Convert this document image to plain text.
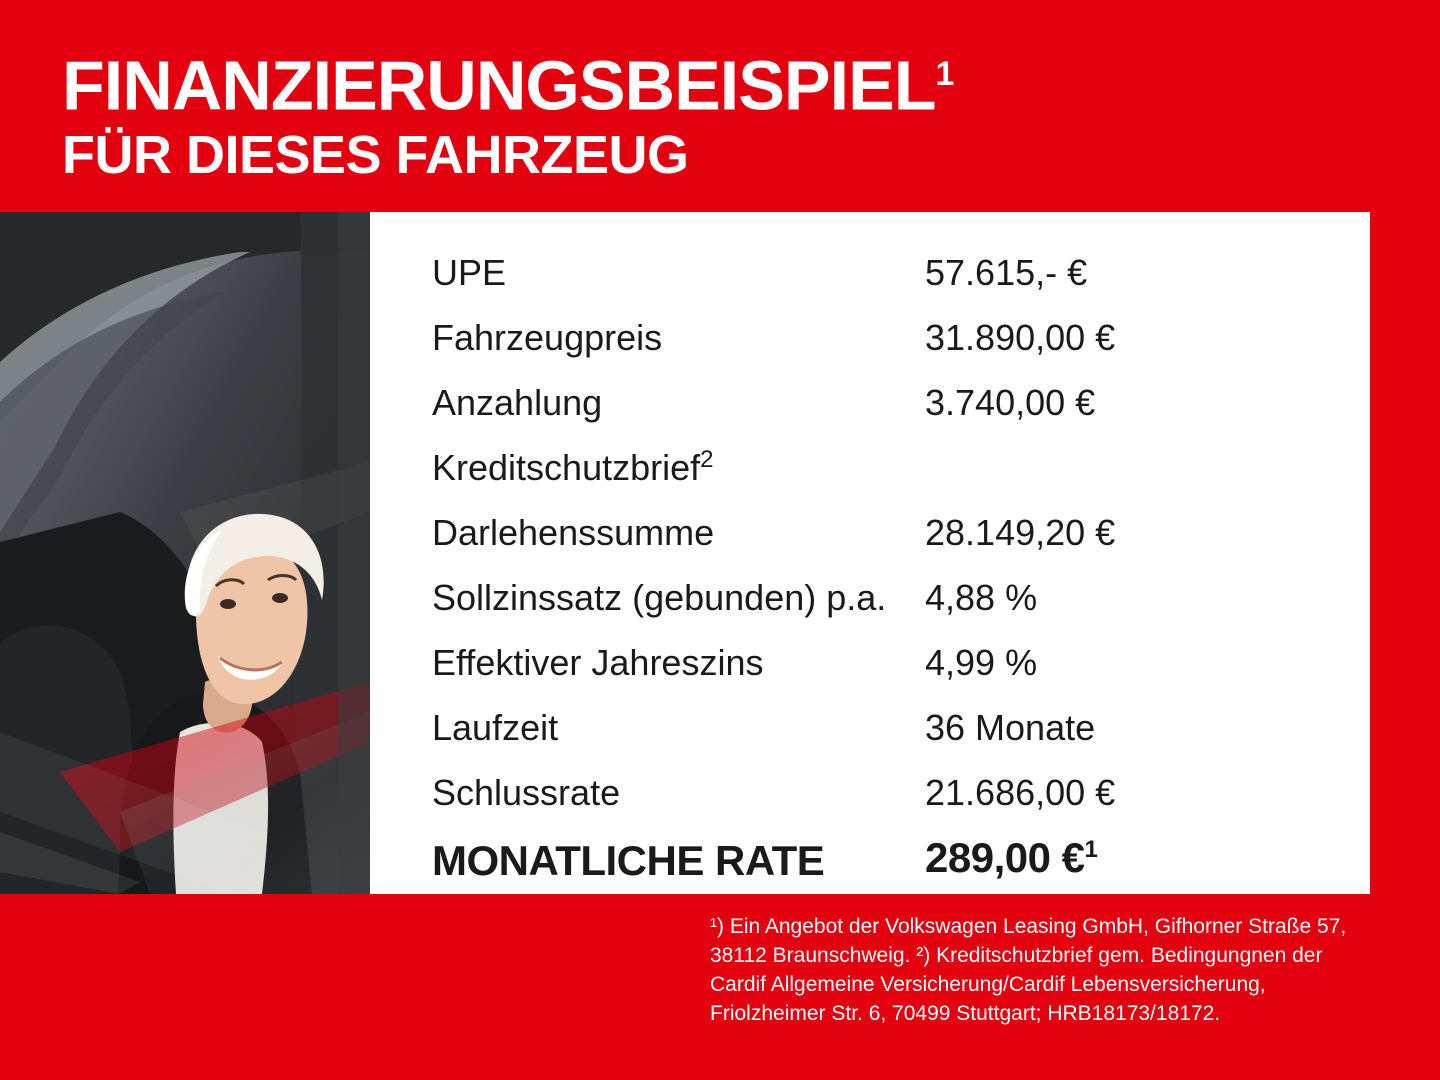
FINANZIERUNGSBEISPIEL$^1$
FÜR DIESES FAHRZEUG
UPE	57.615,- €
Fahrzeugpreis	31.890,00 €
Anzahlung	3.740,00 €
Kreditschutzbrief$^2$	
Darlehenssumme	28.149,20 €
Sollzinssatz (gebunden) p.a.	4,88 %
Effektiver Jahreszins	4,99 %
Laufzeit	36 Monate
Schlussrate	21.686,00 €
MONATLICHE RATE	289,00 €$^1$
¹) Ein Angebot der Volkswagen Leasing GmbH, Gifhorner Straße 57, 38112 Braunschweig. ²) Kreditschutzbrief gem. Bedingungnen der Cardif Allgemeine Versicherung/Cardif Lebensversicherung, Friolzheimer Str. 6, 70499 Stuttgart; HRB18173/18172.
